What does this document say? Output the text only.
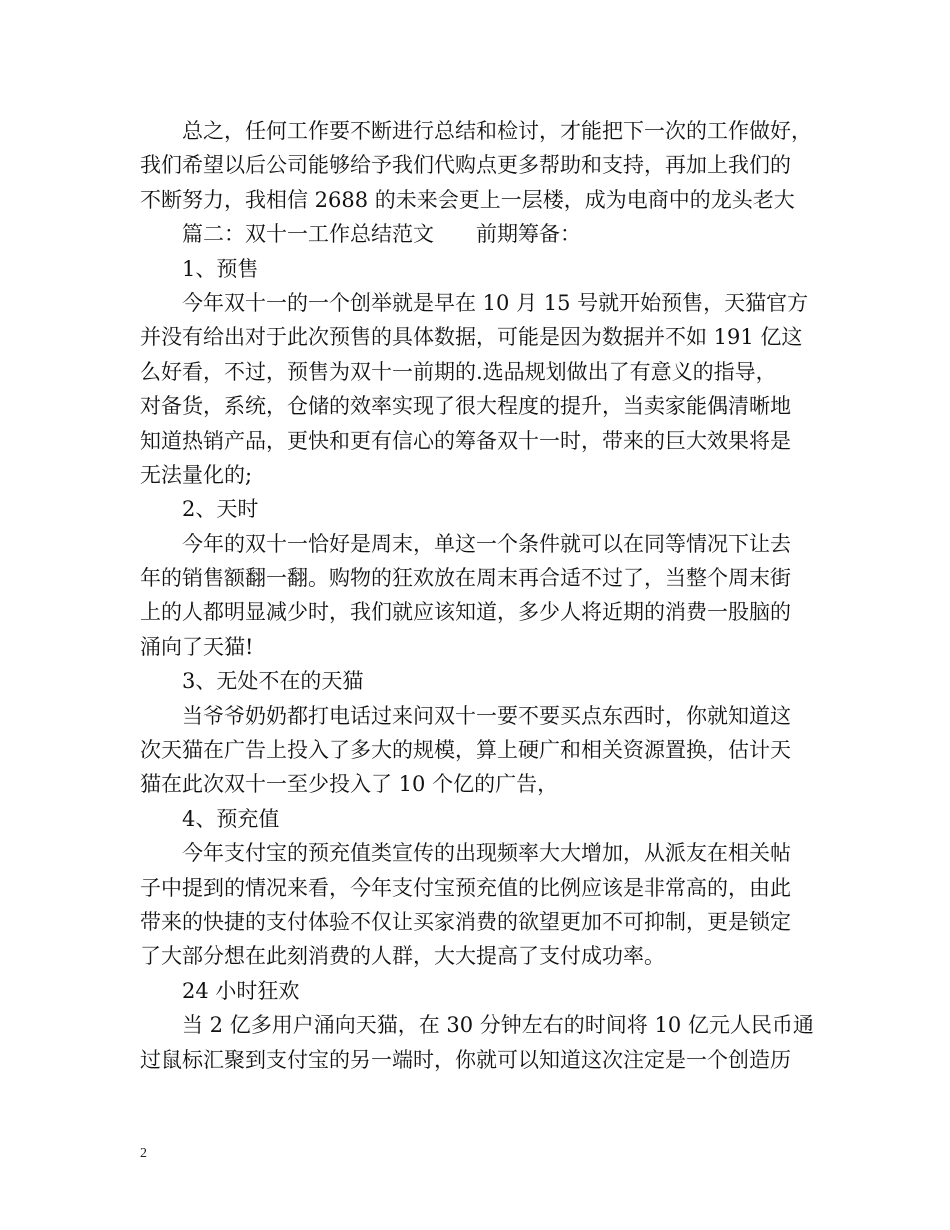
总之，任何工作要不断进行总结和检讨，才能把下一次的工作做好，
我们希望以后公司能够给予我们代购点更多帮助和支持，再加上我们的
不断努力，我相信 2688 的未来会更上一层楼，成为电商中的龙头老大
篇二：双十一工作总结范文　　前期筹备：
1、预售
今年双十一的一个创举就是早在 10 月 15 号就开始预售，天猫官方
并没有给出对于此次预售的具体数据，可能是因为数据并不如 191 亿这
么好看，不过，预售为双十一前期的.选品规划做出了有意义的指导，
对备货，系统，仓储的效率实现了很大程度的提升，当卖家能偶清晰地
知道热销产品，更快和更有信心的筹备双十一时，带来的巨大效果将是
无法量化的;
2、天时
今年的双十一恰好是周末，单这一个条件就可以在同等情况下让去
年的销售额翻一翻。购物的狂欢放在周末再合适不过了，当整个周末街
上的人都明显减少时，我们就应该知道，多少人将近期的消费一股脑的
涌向了天猫!
3、无处不在的天猫
当爷爷奶奶都打电话过来问双十一要不要买点东西时，你就知道这
次天猫在广告上投入了多大的规模，算上硬广和相关资源置换，估计天
猫在此次双十一至少投入了 10 个亿的广告，
4、预充值
今年支付宝的预充值类宣传的出现频率大大增加，从派友在相关帖
子中提到的情况来看，今年支付宝预充值的比例应该是非常高的，由此
带来的快捷的支付体验不仅让买家消费的欲望更加不可抑制，更是锁定
了大部分想在此刻消费的人群，大大提高了支付成功率。
24 小时狂欢
当 2 亿多用户涌向天猫，在 30 分钟左右的时间将 10 亿元人民币通
过鼠标汇聚到支付宝的另一端时，你就可以知道这次注定是一个创造历
2
